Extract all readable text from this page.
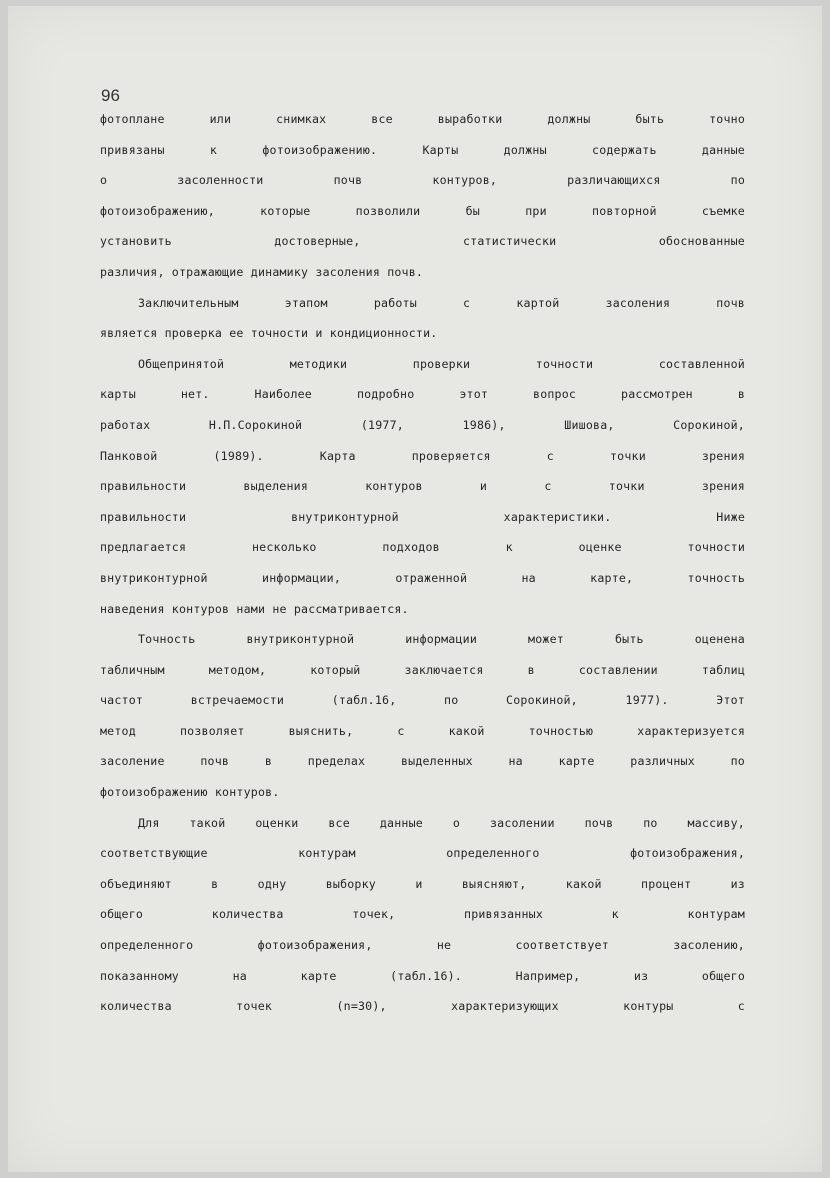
96
фотоплане или снимках все выработки должны быть точно
привязаны к фотоизображению. Карты должны содержать данные
о засоленности почв контуров, различающихся по
фотоизображению, которые позволили бы при повторной съемке
установить достоверные, статистически обоснованные
различия, отражающие динамику засоления почв.
Заключительным этапом работы с картой засоления почв
является проверка ее точности и кондиционности.
Общепринятой методики проверки точности составленной
карты нет. Наиболее подробно этот вопрос рассмотрен в
работах Н.П.Сорокиной (1977, 1986), Шишова, Сорокиной,
Панковой (1989). Карта проверяется с точки зрения
правильности выделения контуров и с точки зрения
правильности внутриконтурной характеристики. Ниже
предлагается несколько подходов к оценке точности
внутриконтурной информации, отраженной на карте, точность
наведения контуров нами не рассматривается.
Точность внутриконтурной информации может быть оценена
табличным методом, который заключается в составлении таблиц
частот встречаемости (табл.16, по Сорокиной, 1977). Этот
метод позволяет выяснить, с какой точностью характеризуется
засоление почв в пределах выделенных на карте различных по
фотоизображению контуров.
Для такой оценки все данные о засолении почв по массиву,
соответствующие контурам определенного фотоизображения,
объединяют в одну выборку и выясняют, какой процент из
общего количества точек, привязанных к контурам
определенного фотоизображения, не соответствует засолению,
показанному на карте (табл.16). Например, из общего
количества точек (n=30), характеризующих контуры с
